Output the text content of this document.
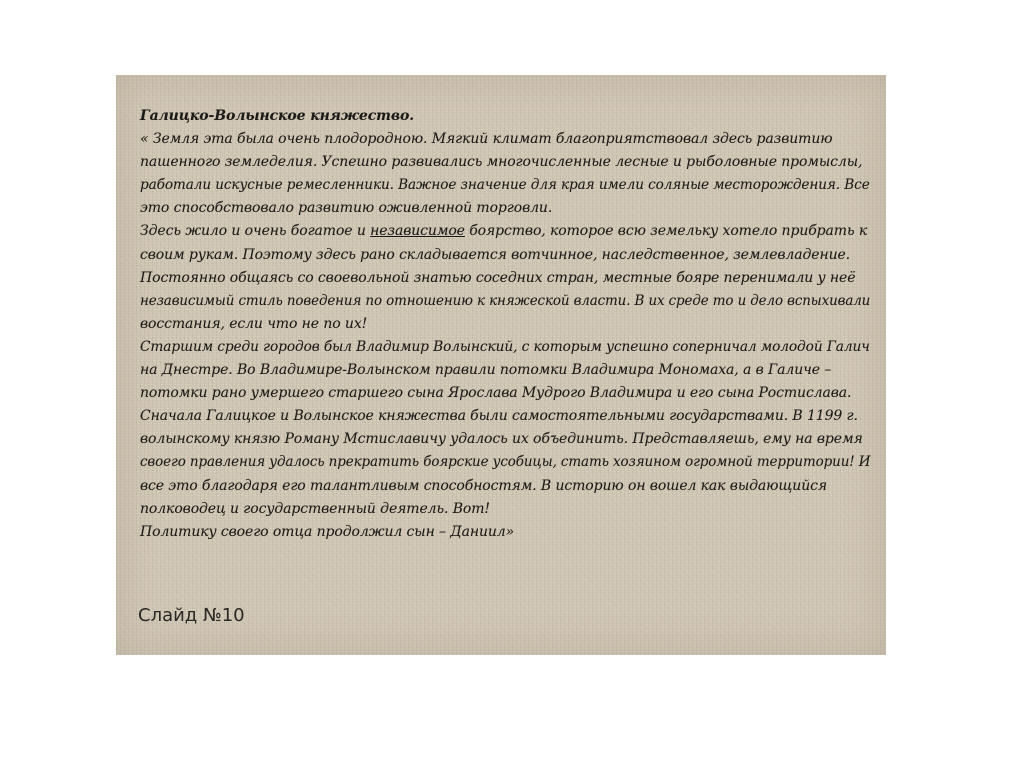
Галицко-Волынское княжество.
« Земля эта была очень плодородною. Мягкий климат благоприятствовал здесь развитию
пашенного земледелия. Успешно развивались многочисленные лесные и рыболовные промыслы,
работали искусные ремесленники. Важное значение для края имели соляные месторождения. Все
это способствовало развитию оживленной торговли.
Здесь жило и очень богатое и независимое боярство, которое всю земельку хотело прибрать к
своим рукам. Поэтому здесь рано складывается вотчинное, наследственное, землевладение.
Постоянно общаясь со своевольной знатью соседних стран, местные бояре перенимали у неё
независимый стиль поведения по отношению к княжеской власти. В их среде то и дело вспыхивали
восстания, если что не по их!
Старшим среди городов был Владимир Волынский, с которым успешно соперничал молодой Галич
на Днестре. Во Владимире-Волынском правили потомки Владимира Мономаха, а в Галиче –
потомки рано умершего старшего сына Ярослава Мудрого Владимира и его сына Ростислава.
Сначала Галицкое и Волынское княжества были самостоятельными государствами. В 1199 г.
волынскому князю Роману Мстиславичу удалось их объединить. Представляешь, ему на время
своего правления удалось прекратить боярские усобицы, стать хозяином огромной территории! И
все это благодаря его талантливым способностям. В историю он вошел как выдающийся
полководец и государственный деятель. Вот!
Политику своего отца продолжил сын – Даниил»
Слайд №10
